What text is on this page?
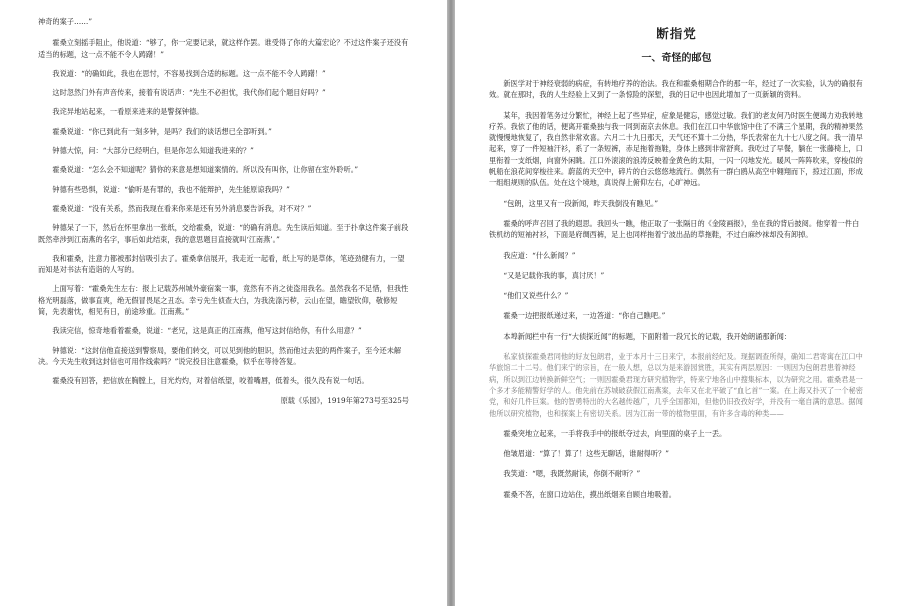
神奇的案子……”

霍桑立刻摇手阻止，他说道：“够了，你一定要记录，就这样作罢。谁受得了你的大篇宏论？不过这件案子还没有适当的标题，这一点不能不令人踌躇！”

我说道：“的确如此，我也在思忖，不容易找到合适的标题。这一点不能不令人踌躇！”

这时忽然门外有声音传来，接着有说话声：“先生不必担忧，我代你们起个题目好吗？”

我诧异地站起来，一看原来进来的是警探钟德。

霍桑说道：“你已到此有一刻多钟，是吗？我们的谈话想已全部听到。”

钟德大惊，问：“大部分已经明白，但是你怎么知道我进来的？”

霍桑说道：“怎么会不知道呢？猜你的来意是想知道案情的。所以没有叫你，让你留在室外聆听。”

钟德有些恐惧，说道：“偷听是有罪的，我也不能辩护，先生能原谅我吗？”

霍桑说道：“没有关系，然而我现在看来你来是还有另外消息要告诉我，对不对？”

钟德呆了一下，然后在怀里拿出一张纸，交给霍桑，说道：“的确有消息。先生读后知道。至于扑拿这件案子前段既然牵涉到江南燕的名字，事后如此结束，我的意思题目直接就叫‘江南燕’。”

我和霍桑，注意力都被那封信吸引去了。霍桑拿信展开，我走近一起看，纸上写的是草体，笔迹劲健有力，一望而知是对书法有造诣的人写的。

上面写着：“霍桑先生左右：报上记载苏州城外豪宿案一事，竟然有不肖之徒盗用我名。虽然我名不足惜，但我性格光明磊落，做事直爽，绝无假冒畏尾之丑态。幸亏先生侦查大白，为我洗涤污秽，云山在望，瞻望钦仰，敬修短简，先表谢忱，相见有日，前途珍重。江南燕。”

我读完信，惊奇地看着霍桑，说道：“老兄，这是真正的江南燕，他写这封信给你，有什么用意？”

钟德说：“这封信他直接送到警察局，要他们转交，可以见到他的胆识，然而他过去犯的两件案子，至今还未解决。今天先生收到这封信也可用作线索吗？”说完投目注意霍桑，似乎在等待答复。

霍桑没有回答，把信放在胸膛上，目光灼灼，对着信纸望，咬着嘴唇，低着头，很久没有说一句话。

原载《乐园》，1919年第273号至325号

断指党
一、奇怪的邮包

新医学对于神经衰弱的病症，有转地疗养的治法。我在和霍桑相期合作的那一年，经过了一次实验，认为的确很有效。就在那时，我的人生经验上又到了一条惊险的深堑，我的日记中也因此增加了一页新颖的资料。

某年，我因着笔务过分繁忙，神经上起了些异症，症象是健忘，感觉过敏。我们的老友何乃时医生便竭力劝我转地疗养。我依了他的话，便离开霍桑独与我一同到南京去休息。我们在江口中华旅馆中住了不满三个星期，我的精神果然就慢慢地恢复了，我自然非常欢喜。六月二十九日那天，天气还不算十二分热，华氏表常在九十七八度之间。我一清早起来，穿了一件短袖汗衫，系了一条短裤，赤足拖着拖鞋，身体上感到非常舒爽。我吃过了早餐，躺在一张藤椅上，口里衔着一支纸烟，向窗外闲眺。江口外滚滚的浪涛反映着金黄色的太阳，一闪一闪地发光。暖风一阵阵吹来，穿梭似的帆船在浪花间穿梭往来。蔚蓝的天空中，碎片的白云悠悠地流行。偶然有一群白鸥从高空中翱翔而下，掠过江面，形成一组组规则的队伍。处在这个境地，真说得上俯仰左右，心旷神远。

“包朗，这里又有一段新闻，昨天我倒没有瞧见。”

霍桑的呼声召回了我的遐思。我回头一瞧，他正取了一张隔日的《金陵画报》，坐在我的背后披阅。他穿着一件白铁机纺的短袖衬衫，下面是府绸西裤，足上也同样拖着宁波出品的草拖鞋，不过白麻纱袜却没有卸掉。

我应道：“什么新闻？”

“又是记载你我的事，真讨厌！”

“他们又说些什么？”

霍桑一边把报纸递过来，一边答道：“你自己瞧吧。”

本埠新闻栏中有一行“大侦探近闻”的标题，下面附着一段冗长的记载，我开始朗诵那新闻：

私家侦探霍桑君同他的好友包朗君，业于本月十三日来宁，本报前经纪及。现据调查所得，确知二君寄寓在江口中华旅馆二十二号。他们来宁的宗旨，在一般人想，总以为是来游园赏胜，其实有两层原因：一则因为包朗君患着神经病，所以到江边转换新鲜空气；一则因霍桑君现方研究植物学，特来宁地各山中搜集标本，以为研究之用。霍桑君是一个多才多能精警好学的人。他先前在苏城破获假江南燕案，去年又在北平破了“血匕首”一案。在上海又扑灭了一个秘密党，和好几件巨案。他的智勇特出的大名越传越广，几乎全国都知，但他仍旧孜孜好学，并没有一毫自满的意思。据闻他所以研究植物，也和探案上有密切关系。因为江南一带的植物里面，有许多含毒的种类——

霍桑突地立起来，一手将我手中的报纸夺过去，向里面的桌子上一丢。

他皱眉道：“算了！算了！这些无聊话，谁耐得听？”

我笑道：“嗯，我既然耐读，你倒不耐听？”

霍桑不答，在窗口边站住，摸出纸烟来自顾自地吸着。
